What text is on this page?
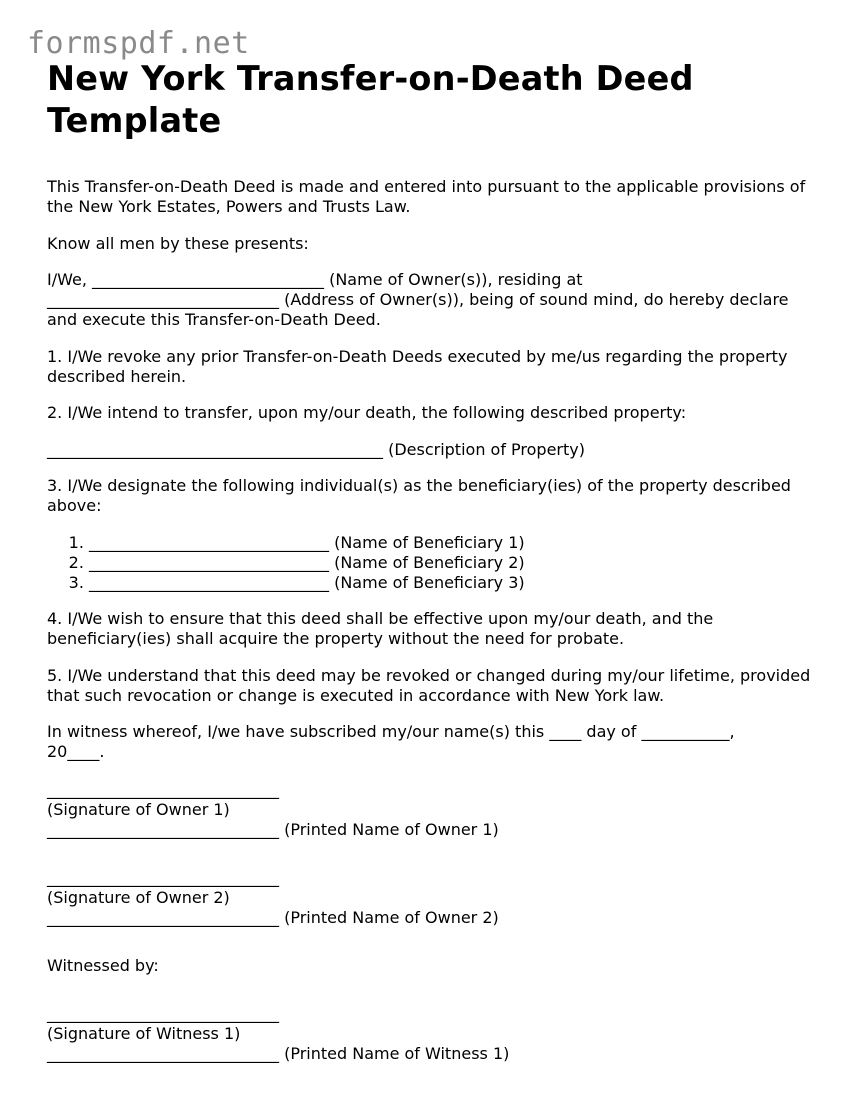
formspdf.net
New York Transfer-on-Death Deed Template

This Transfer-on-Death Deed is made and entered into pursuant to the applicable provisions of the New York Estates, Powers and Trusts Law.

Know all men by these presents:

I/We, _____________________________ (Name of Owner(s)), residing at _____________________________ (Address of Owner(s)), being of sound mind, do hereby declare and execute this Transfer-on-Death Deed.

1. I/We revoke any prior Transfer-on-Death Deeds executed by me/us regarding the property described herein.

2. I/We intend to transfer, upon my/our death, the following described property:

__________________________________________ (Description of Property)

3. I/We designate the following individual(s) as the beneficiary(ies) of the property described above:

1. ______________________________ (Name of Beneficiary 1)
2. ______________________________ (Name of Beneficiary 2)
3. ______________________________ (Name of Beneficiary 3)

4. I/We wish to ensure that this deed shall be effective upon my/our death, and the beneficiary(ies) shall acquire the property without the need for probate.

5. I/We understand that this deed may be revoked or changed during my/our lifetime, provided that such revocation or change is executed in accordance with New York law.

In witness whereof, I/we have subscribed my/our name(s) this ____ day of ___________,
20____.

_____________________________
(Signature of Owner 1)
_____________________________ (Printed Name of Owner 1)
_____________________________
(Signature of Owner 2)
_____________________________ (Printed Name of Owner 2)
Witnessed by:
_____________________________
(Signature of Witness 1)
_____________________________ (Printed Name of Witness 1)
